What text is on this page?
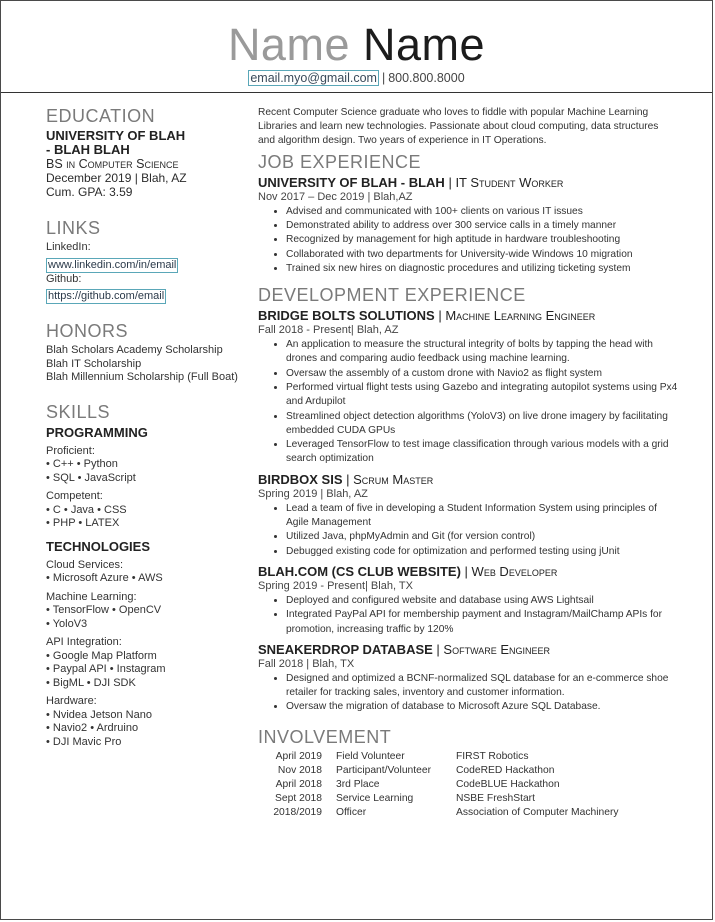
Name Name
email.myo@gmail.com | 800.800.8000
EDUCATION
UNIVERSITY OF BLAH
- BLAH BLAH
BS in Computer Science
December 2019 | Blah, AZ
Cum. GPA: 3.59
LINKS
LinkedIn:
www.linkedin.com/in/email
Github:
https://github.com/email
HONORS
Blah Scholars Academy Scholarship
Blah IT Scholarship
Blah Millennium Scholarship (Full Boat)
SKILLS
PROGRAMMING
Proficient:
• C++ • Python
• SQL • JavaScript
Competent:
• C • Java • CSS
• PHP • LATEX
TECHNOLOGIES
Cloud Services:
• Microsoft Azure • AWS
Machine Learning:
• TensorFlow • OpenCV
• YoloV3
API Integration:
• Google Map Platform
• Paypal API • Instagram
• BigML • DJI SDK
Hardware:
• Nvidea Jetson Nano
• Navio2 • Ardruino
• DJI Mavic Pro
Recent Computer Science graduate who loves to fiddle with popular Machine Learning Libraries and learn new technologies. Passionate about cloud computing, data structures and algorithm design. Two years of experience in IT Operations.
JOB EXPERIENCE
UNIVERSITY OF BLAH - BLAH | IT Student Worker
Nov 2017 – Dec 2019 | Blah,AZ
• Advised and communicated with 100+ clients on various IT issues
• Demonstrated ability to address over 300 service calls in a timely manner
• Recognized by management for high aptitude in hardware troubleshooting
• Collaborated with two departments for University-wide Windows 10 migration
• Trained six new hires on diagnostic procedures and utilizing ticketing system
DEVELOPMENT EXPERIENCE
BRIDGE BOLTS SOLUTIONS | Machine Learning Engineer
Fall 2018 - Present| Blah, AZ
• An application to measure the structural integrity of bolts by tapping the head with drones and comparing audio feedback using machine learning.
• Oversaw the assembly of a custom drone with Navio2 as flight system
• Performed virtual flight tests using Gazebo and integrating autopilot systems using Px4 and Ardupilot
• Streamlined object detection algorithms (YoloV3) on live drone imagery by facilitating embedded CUDA GPUs
• Leveraged TensorFlow to test image classification through various models with a grid search optimization
BIRDBOX SIS | Scrum Master
Spring 2019 | Blah, AZ
• Lead a team of five in developing a Student Information System using principles of Agile Management
• Utilized Java, phpMyAdmin and Git (for version control)
• Debugged existing code for optimization and performed testing using jUnit
BLAH.COM (CS CLUB WEBSITE) | Web Developer
Spring 2019 - Present| Blah, TX
• Deployed and configured website and database using AWS Lightsail
• Integrated PayPal API for membership payment and Instagram/MailChamp APIs for promotion, increasing traffic by 120%
SNEAKERDROP DATABASE | Software Engineer
Fall 2018 | Blah, TX
• Designed and optimized a BCNF-normalized SQL database for an e-commerce shoe retailer for tracking sales, inventory and customer information.
• Oversaw the migration of database to Microsoft Azure SQL Database.
INVOLVEMENT
April 2019 Field Volunteer	FIRST Robotics
Nov 2018 Participant/Volunteer	CodeRED Hackathon
April 2018 3rd Place	CodeBLUE Hackathon
Sept 2018 Service Learning	NSBE FreshStart
2018/2019 Officer	Association of Computer Machinery
